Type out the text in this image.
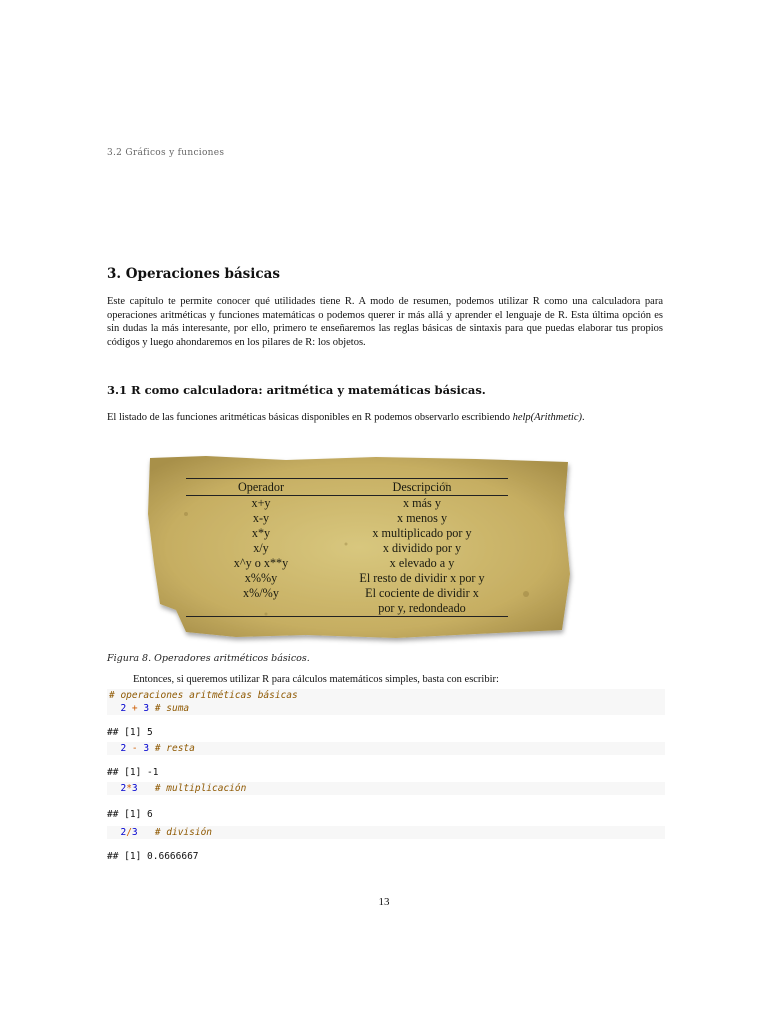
3.2 Gráficos y funciones
3. Operaciones básicas
Este capítulo te permite conocer qué utilidades tiene R. A modo de resumen, podemos utilizar R como una calculadora para operaciones aritméticas y funciones matemáticas o podemos querer ir más allá y aprender el lenguaje de R. Esta última opción es sin dudas la más interesante, por ello, primero te enseñaremos las reglas básicas de sintaxis para que puedas elaborar tus propios códigos y luego ahondaremos en los pilares de R: los objetos.
3.1 R como calculadora: aritmética y matemáticas básicas.
El listado de las funciones aritméticas básicas disponibles en R podemos observarlo escribiendo help(Arithmetic).
Operador	Descripción
x+y	x más y
x-y	x menos y
x*y	x multiplicado por y
x/y	x dividido por y
x^y o x**y	x elevado a y
x%%y	El resto de dividir x por y
x%/%y	El cociente de dividir x
	por y, redondeado
Figura 8. Operadores aritméticos básicos.
Entonces, si queremos utilizar R para cálculos matemáticos simples, basta con escribir:
# operaciones aritméticas básicas
2 + 3 # suma
## [1] 5
2 - 3 # resta
## [1] -1
2*3   # multiplicación
## [1] 6
2/3   # división
## [1] 0.6666667
13
